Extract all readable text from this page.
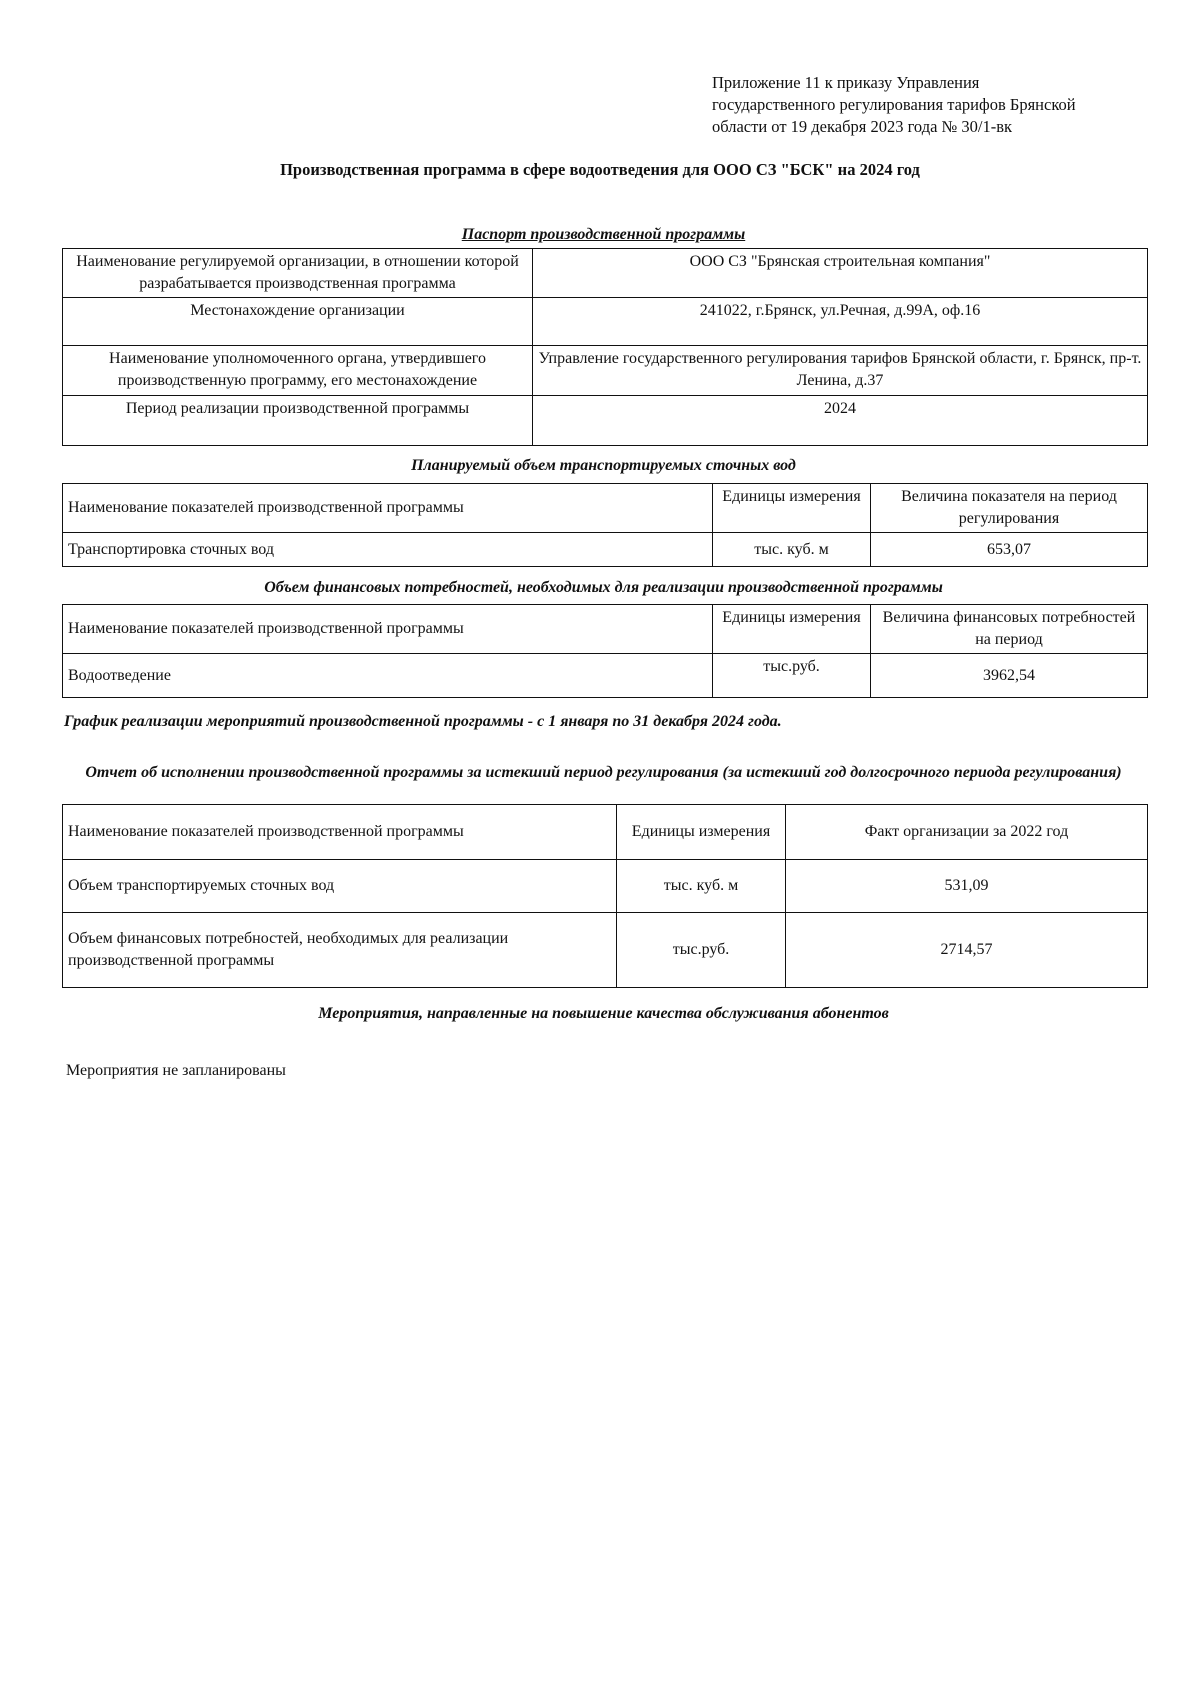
Приложение 11 к приказу Управления
государственного регулирования тарифов Брянской
области от 19 декабря 2023 года № 30/1-вк
Производственная программа в сфере водоотведения для ООО СЗ "БСК" на 2024 год
Паспорт производственной программы
Наименование регулируемой организации, в отношении которой разрабатывается производственная программа	ООО СЗ "Брянская строительная компания"
Местонахождение организации	241022, г.Брянск, ул.Речная, д.99А, оф.16
Наименование уполномоченного органа, утвердившего производственную программу, его местонахождение	Управление государственного регулирования тарифов Брянской области, г. Брянск, пр-т. Ленина, д.37
Период реализации производственной программы	2024
Планируемый объем транспортируемых сточных вод
Наименование показателей производственной программы	Единицы измерения	Величина показателя на период регулирования
Транспортировка сточных вод	тыс. куб. м	653,07
Объем финансовых потребностей, необходимых для реализации производственной программы
Наименование показателей производственной программы	Единицы измерения	Величина финансовых потребностей на период
Водоотведение	тыс.руб.	3962,54
График реализации мероприятий производственной программы - с 1 января по 31 декабря 2024 года.
Отчет об исполнении производственной программы за истекший период регулирования (за истекший год долгосрочного периода регулирования)
Наименование показателей производственной программы	Единицы измерения	Факт организации за 2022 год
Объем транспортируемых сточных вод	тыс. куб. м	531,09
Объем финансовых потребностей, необходимых для реализации производственной программы	тыс.руб.	2714,57
Мероприятия, направленные на повышение качества обслуживания абонентов
Мероприятия не запланированы
